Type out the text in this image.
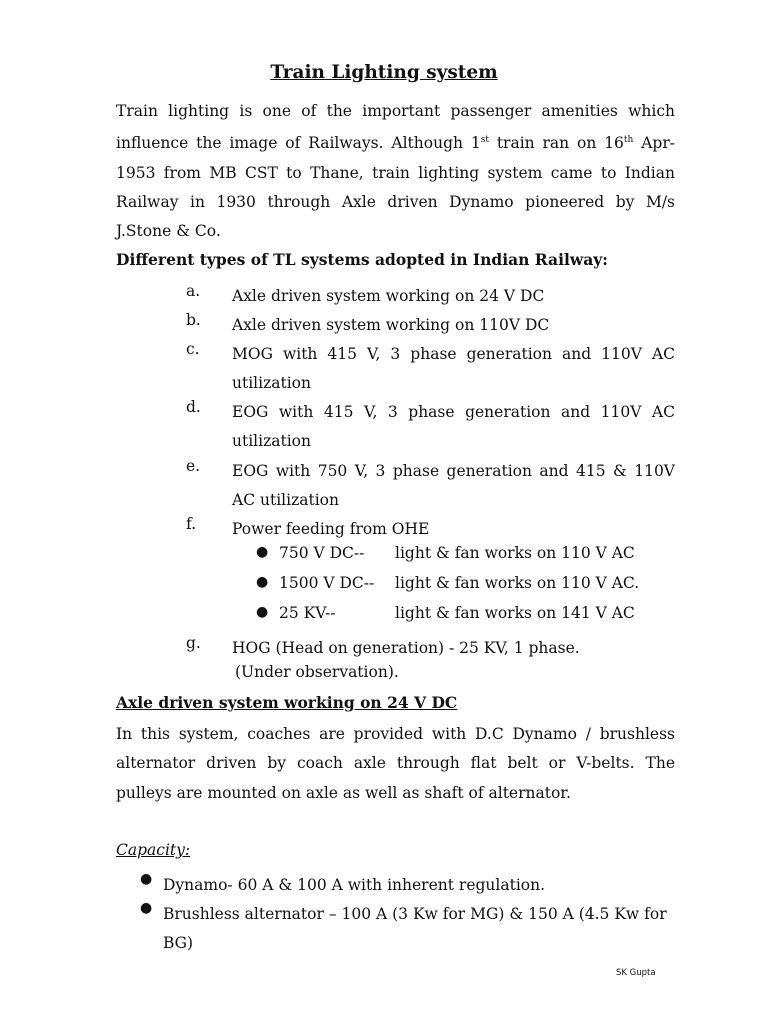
Train Lighting system

Train lighting is one of the important passenger amenities which influence the image of Railways. Although 1st train ran on 16th Apr-1953 from MB CST to Thane, train lighting system came to Indian Railway in 1930 through Axle driven Dynamo pioneered by M/s J.Stone & Co.

Different types of TL systems adopted in Indian Railway:
a. Axle driven system working on 24 V DC
b. Axle driven system working on 110V DC
c. MOG with 415 V, 3 phase generation and 110V AC utilization
d. EOG with 415 V, 3 phase generation and 110V AC utilization
e. EOG with 750 V, 3 phase generation and 415 & 110V AC utilization
f. Power feeding from OHE
● 750 V DC-- light & fan works on 110 V AC
● 1500 V DC-- light & fan works on 110 V AC.
● 25 KV--	light & fan works on 141 V AC
g. HOG (Head on generation) - 25 KV, 1 phase.
(Under observation).
Axle driven system working on 24 V DC

In this system, coaches are provided with D.C Dynamo / brushless alternator driven by coach axle through flat belt or V-belts. The pulleys are mounted on axle as well as shaft of alternator.

Capacity:
● Dynamo- 60 A & 100 A with inherent regulation.
● Brushless alternator – 100 A (3 Kw for MG) & 150 A (4.5 Kw for BG)
SK Gupta
